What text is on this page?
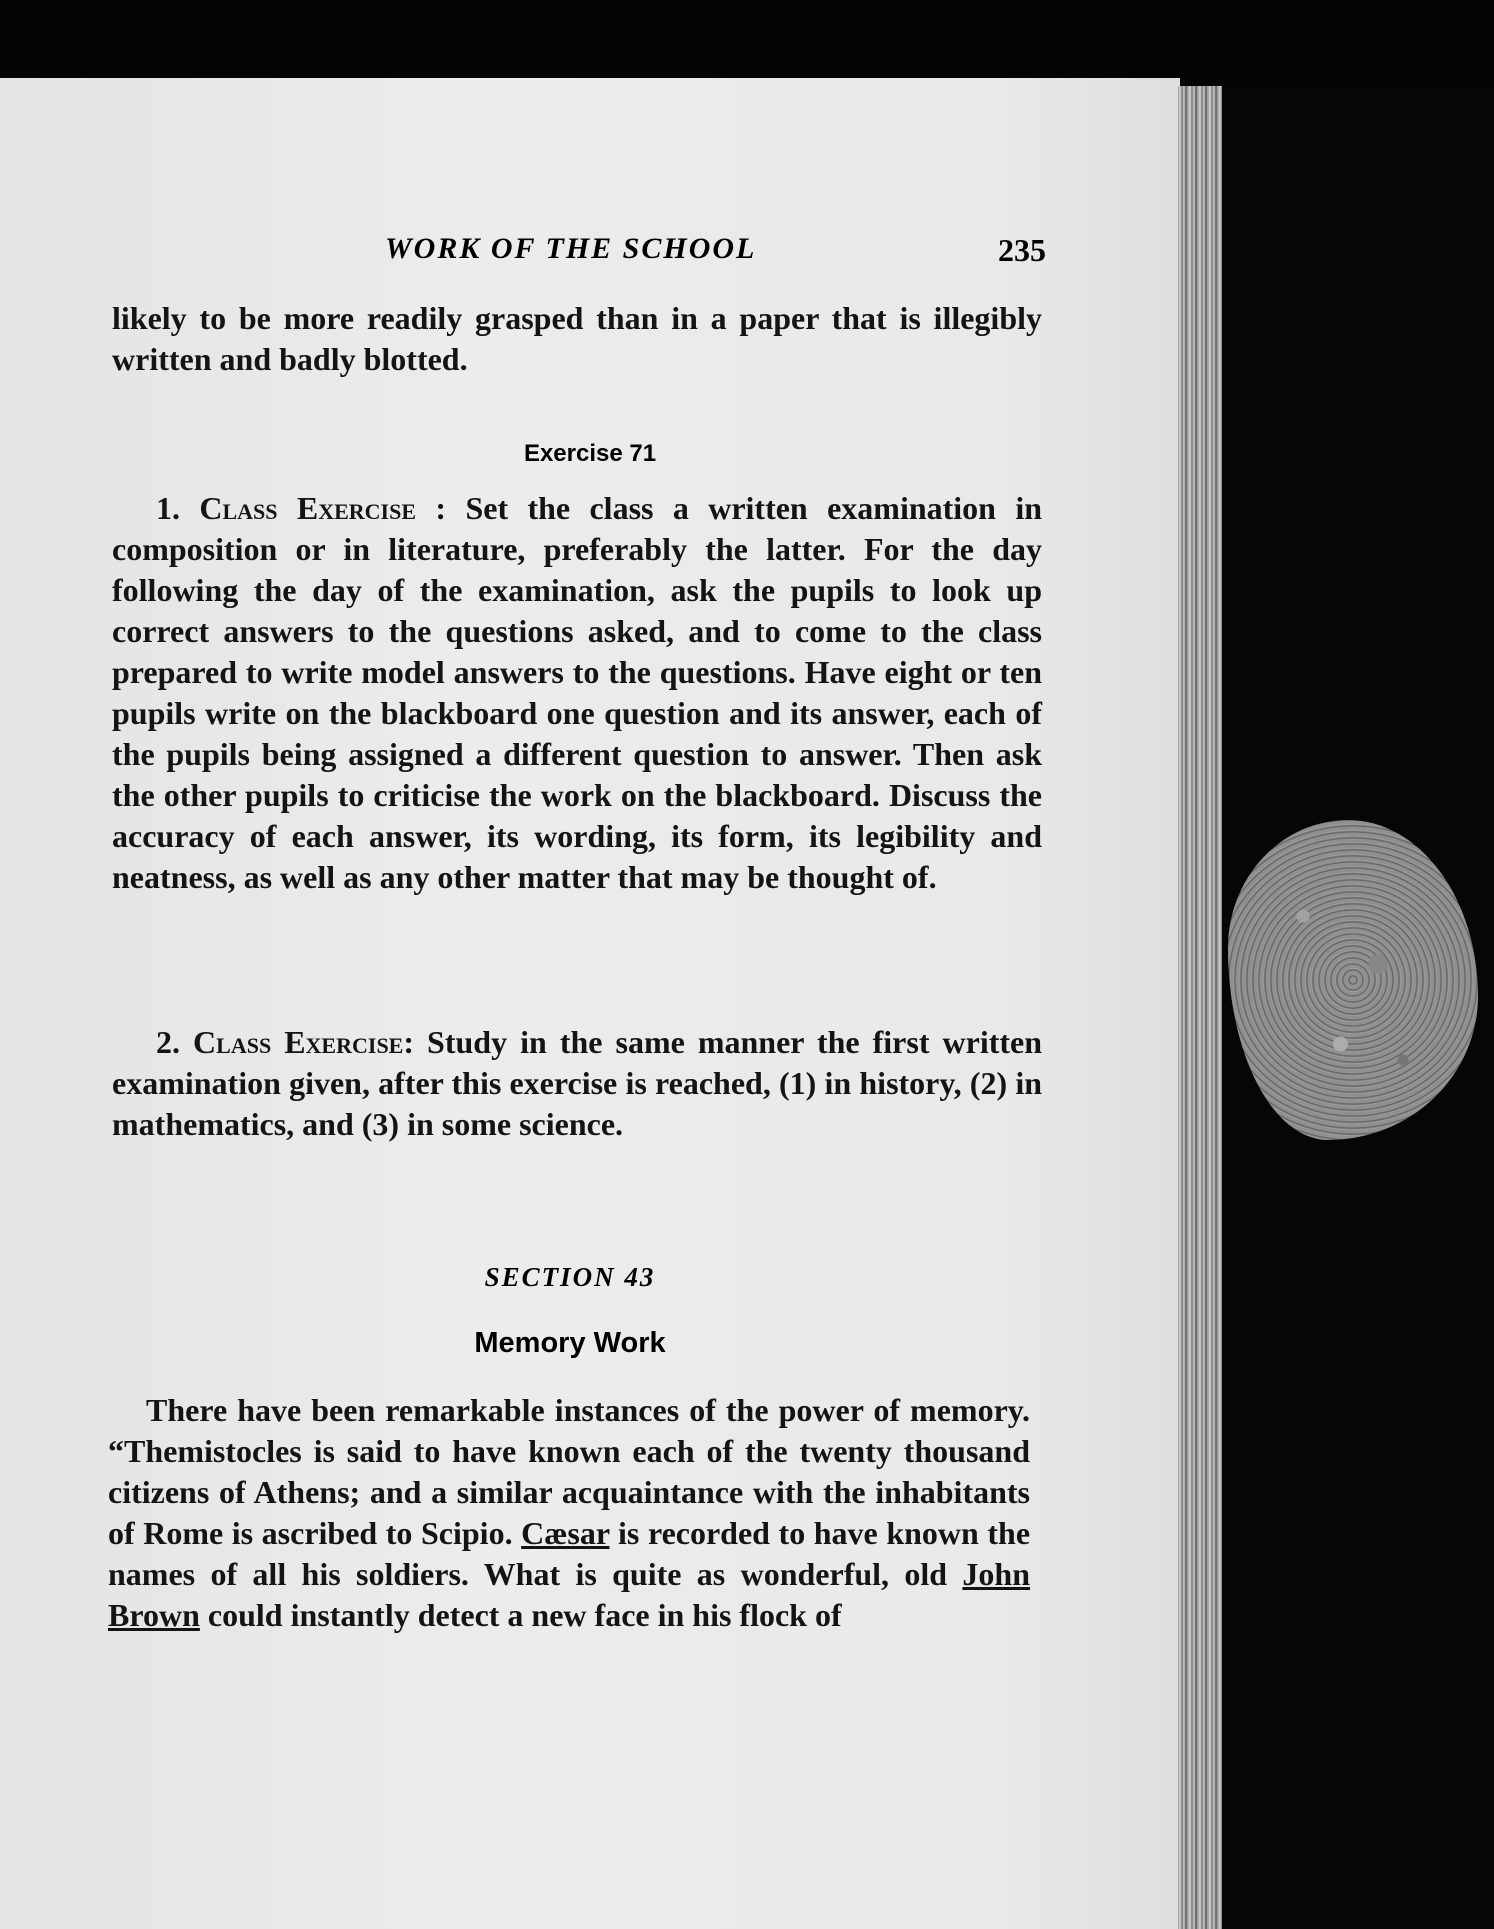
WORK OF THE SCHOOL	235

likely to be more readily grasped than in a paper that is illegibly written and badly blotted.

Exercise 71

1. Class Exercise : Set the class a written examination in composition or in literature, preferably the latter. For the day following the day of the examination, ask the pupils to look up correct answers to the questions asked, and to come to the class prepared to write model answers to the questions. Have eight or ten pupils write on the blackboard one question and its answer, each of the pupils being assigned a different question to answer. Then ask the other pupils to criticise the work on the blackboard. Discuss the accuracy of each answer, its wording, its form, its legibility and neatness, as well as any other matter that may be thought of.

2. Class Exercise: Study in the same manner the first written examination given, after this exercise is reached, (1) in history, (2) in mathematics, and (3) in some science.

SECTION 43
Memory Work

There have been remarkable instances of the power of memory. “Themistocles is said to have known each of the twenty thousand citizens of Athens; and a similar acquaintance with the inhabitants of Rome is ascribed to Scipio. Cæsar is recorded to have known the names of all his soldiers. What is quite as wonderful, old John Brown could instantly detect a new face in his flock of
